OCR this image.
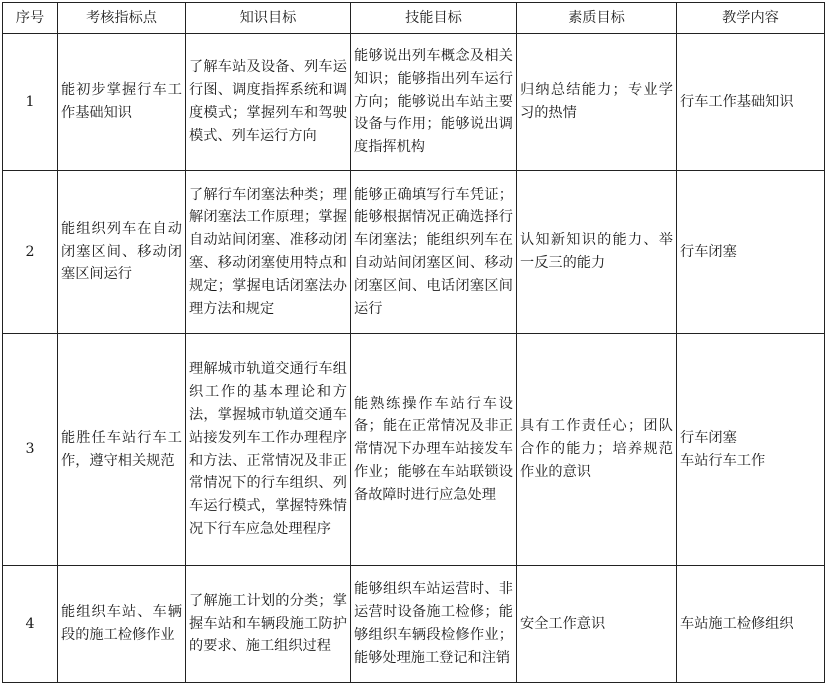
序号	考核指标点	知识目标	技能目标	素质目标	教学内容
1	能初步掌握行车工作基础知识	了解车站及设备、列车运行图、调度指挥系统和调度模式；掌握列车和驾驶模式、列车运行方向	能够说出列车概念及相关知识；能够指出列车运行方向；能够说出车站主要设备与作用；能够说出调度指挥机构	归纳总结能力；专业学习的热情	行车工作基础知识
2	能组织列车在自动闭塞区间、移动闭塞区间运行	了解行车闭塞法种类；理解闭塞法工作原理；掌握自动站间闭塞、准移动闭塞、移动闭塞使用特点和规定；掌握电话闭塞法办理方法和规定	能够正确填写行车凭证；能够根据情况正确选择行车闭塞法；能组织列车在自动站间闭塞区间、移动闭塞区间、电话闭塞区间运行	认知新知识的能力、举一反三的能力	行车闭塞
3	能胜任车站行车工作，遵守相关规范	理解城市轨道交通行车组织工作的基本理论和方法，掌握城市轨道交通车站接发列车工作办理程序和方法、正常情况及非正常情况下的行车组织、列车运行模式，掌握特殊情况下行车应急处理程序	能熟练操作车站行车设备；能在正常情况及非正常情况下办理车站接发车作业；能够在车站联锁设备故障时进行应急处理	具有工作责任心；团队合作的能力；培养规范作业的意识	行车闭塞
车站行车工作
4	能组织车站、车辆段的施工检修作业	了解施工计划的分类；掌握车站和车辆段施工防护的要求、施工组织过程	能够组织车站运营时、非运营时设备施工检修；能够组织车辆段检修作业；能够处理施工登记和注销	安全工作意识	车站施工检修组织
